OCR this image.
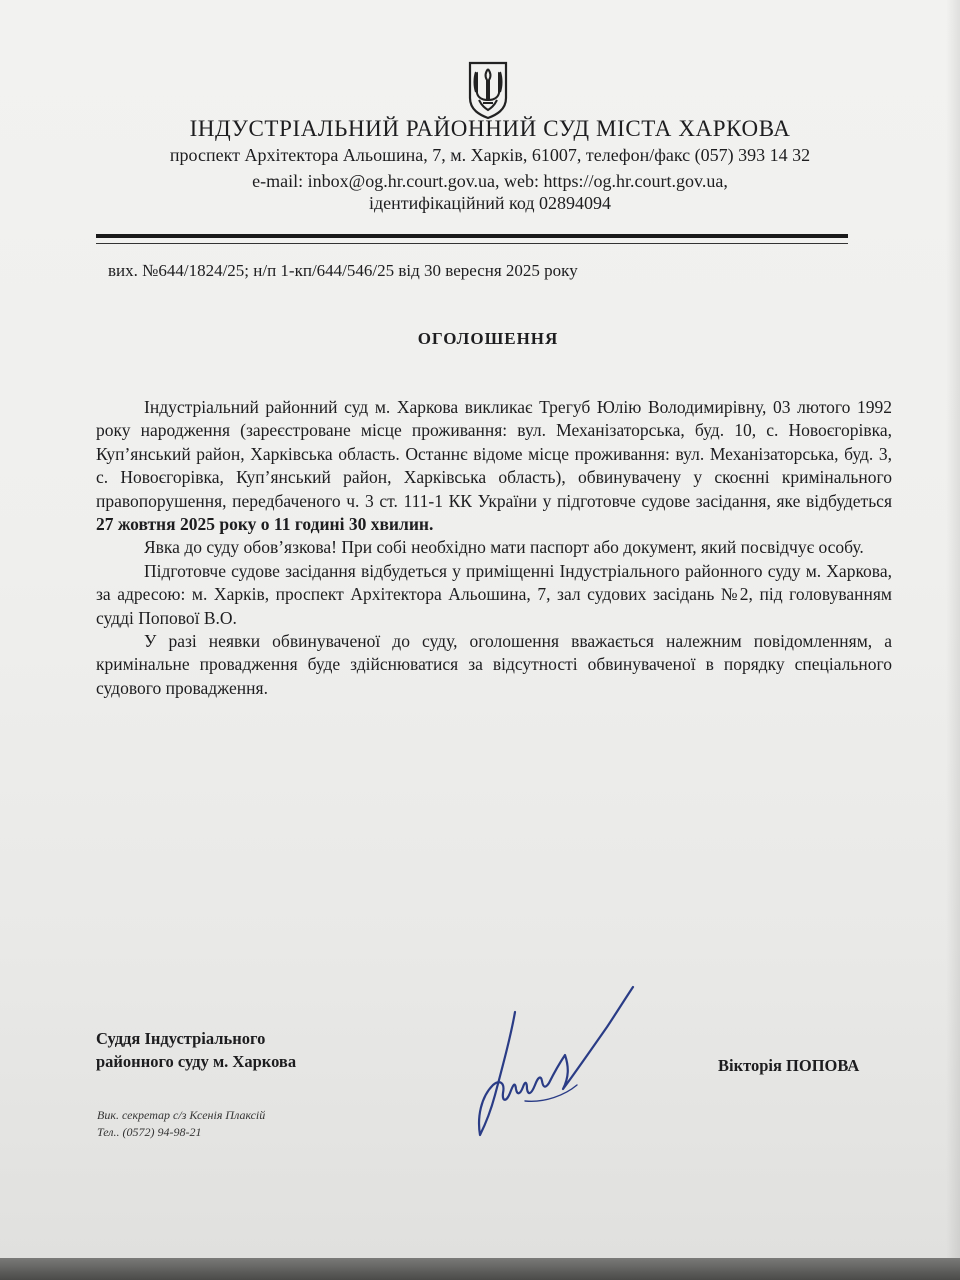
ІНДУСТРІАЛЬНИЙ РАЙОННИЙ СУД МІСТА ХАРКОВА
проспект Архітектора Альошина, 7, м. Харків, 61007, телефон/факс (057) 393 14 32
e-mail: inbox@og.hr.court.gov.ua, web: https://og.hr.court.gov.ua,
ідентифікаційний код 02894094
вих. №644/1824/25; н/п 1-кп/644/546/25 від 30 вересня 2025 року
ОГОЛОШЕННЯ

Індустріальний районний суд м. Харкова викликає Трегуб Юлію Володимирівну, 03 лютого 1992 року народження (зареєстроване місце проживання: вул. Механізаторська, буд. 10, с. Новоєгорівка, Куп’янський район, Харківська область. Останнє відоме місце проживання: вул. Механізаторська, буд. 3, с. Новоєгорівка, Куп’янський район, Харківська область), обвинувачену у скоєнні кримінального правопорушення, передбаченого ч. 3 ст. 111-1 КК України у підготовче судове засідання, яке відбудеться 27 жовтня 2025 року о 11 годині 30 хвилин.

Явка до суду обов’язкова! При собі необхідно мати паспорт або документ, який посвідчує особу.

Підготовче судове засідання відбудеться у приміщенні Індустріального районного суду м. Харкова, за адресою: м. Харків, проспект Архітектора Альошина, 7, зал судових засідань №2, під головуванням судді Попової В.О.

У разі неявки обвинуваченої до суду, оголошення вважається належним повідомленням, а кримінальне провадження буде здійснюватися за відсутності обвинуваченої в порядку спеціального судового провадження.

Суддя Індустріального
районного суду м. Харкова	Вікторія ПОПОВА
Вик. секретар с/з Ксенія Плаксій
Тел.. (0572) 94-98-21
